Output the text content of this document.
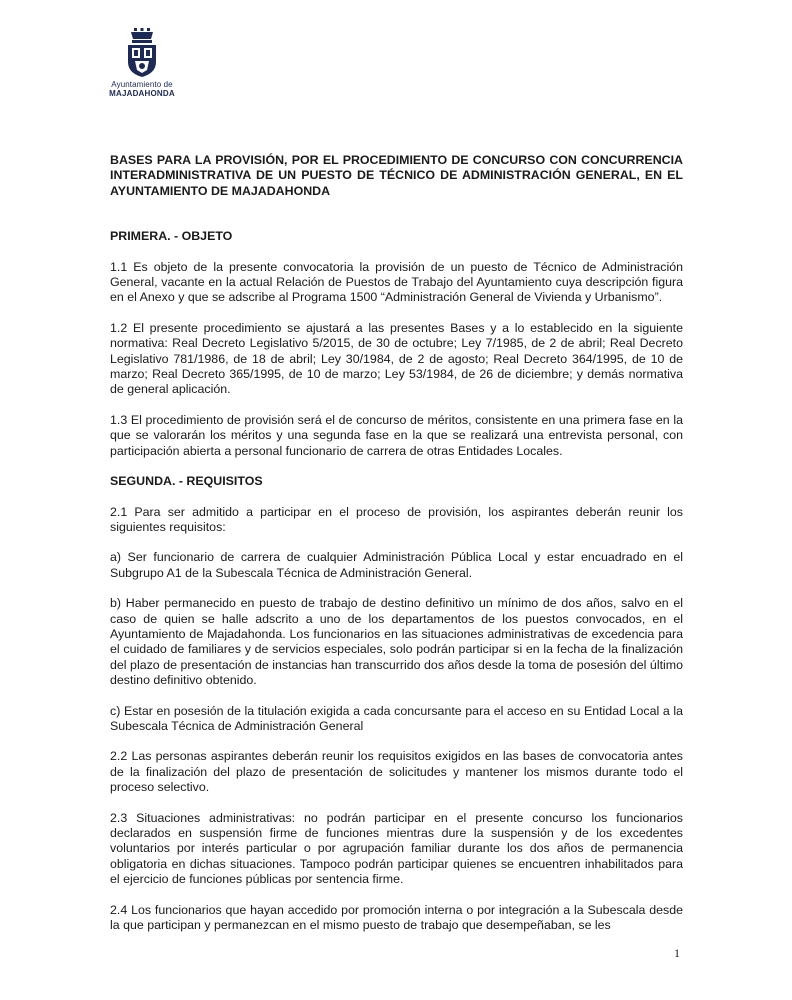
Ayuntamiento de
MAJADAHONDA

BASES PARA LA PROVISIÓN, POR EL PROCEDIMIENTO DE CONCURSO CON CONCURRENCIA INTERADMINISTRATIVA DE UN PUESTO DE TÉCNICO DE ADMINISTRACIÓN GENERAL, EN EL AYUNTAMIENTO DE MAJADAHONDA

PRIMERA. - OBJETO

1.1 Es objeto de la presente convocatoria la provisión de un puesto de Técnico de Administración General, vacante en la actual Relación de Puestos de Trabajo del Ayuntamiento cuya descripción figura en el Anexo y que se adscribe al Programa 1500 “Administración General de Vivienda y Urbanismo”.

1.2 El presente procedimiento se ajustará a las presentes Bases y a lo establecido en la siguiente normativa: Real Decreto Legislativo 5/2015, de 30 de octubre; Ley 7/1985, de 2 de abril; Real Decreto Legislativo 781/1986, de 18 de abril; Ley 30/1984, de 2 de agosto; Real Decreto 364/1995, de 10 de marzo; Real Decreto 365/1995, de 10 de marzo; Ley 53/1984, de 26 de diciembre; y demás normativa de general aplicación.

1.3 El procedimiento de provisión será el de concurso de méritos, consistente en una primera fase en la que se valorarán los méritos y una segunda fase en la que se realizará una entrevista personal, con participación abierta a personal funcionario de carrera de otras Entidades Locales.

SEGUNDA. - REQUISITOS

2.1 Para ser admitido a participar en el proceso de provisión, los aspirantes deberán reunir los siguientes requisitos:

a) Ser funcionario de carrera de cualquier Administración Pública Local y estar encuadrado en el Subgrupo A1 de la Subescala Técnica de Administración General.

b) Haber permanecido en puesto de trabajo de destino definitivo un mínimo de dos años, salvo en el caso de quien se halle adscrito a uno de los departamentos de los puestos convocados, en el Ayuntamiento de Majadahonda. Los funcionarios en las situaciones administrativas de excedencia para el cuidado de familiares y de servicios especiales, solo podrán participar si en la fecha de la finalización del plazo de presentación de instancias han transcurrido dos años desde la toma de posesión del último destino definitivo obtenido.

c) Estar en posesión de la titulación exigida a cada concursante para el acceso en su Entidad Local a la Subescala Técnica de Administración General

2.2 Las personas aspirantes deberán reunir los requisitos exigidos en las bases de convocatoria antes de la finalización del plazo de presentación de solicitudes y mantener los mismos durante todo el proceso selectivo.

2.3 Situaciones administrativas: no podrán participar en el presente concurso los funcionarios declarados en suspensión firme de funciones mientras dure la suspensión y de los excedentes voluntarios por interés particular o por agrupación familiar durante los dos años de permanencia obligatoria en dichas situaciones. Tampoco podrán participar quienes se encuentren inhabilitados para el ejercicio de funciones públicas por sentencia firme.

2.4 Los funcionarios que hayan accedido por promoción interna o por integración a la Subescala desde la que participan y permanezcan en el mismo puesto de trabajo que desempeñaban, se les

1
